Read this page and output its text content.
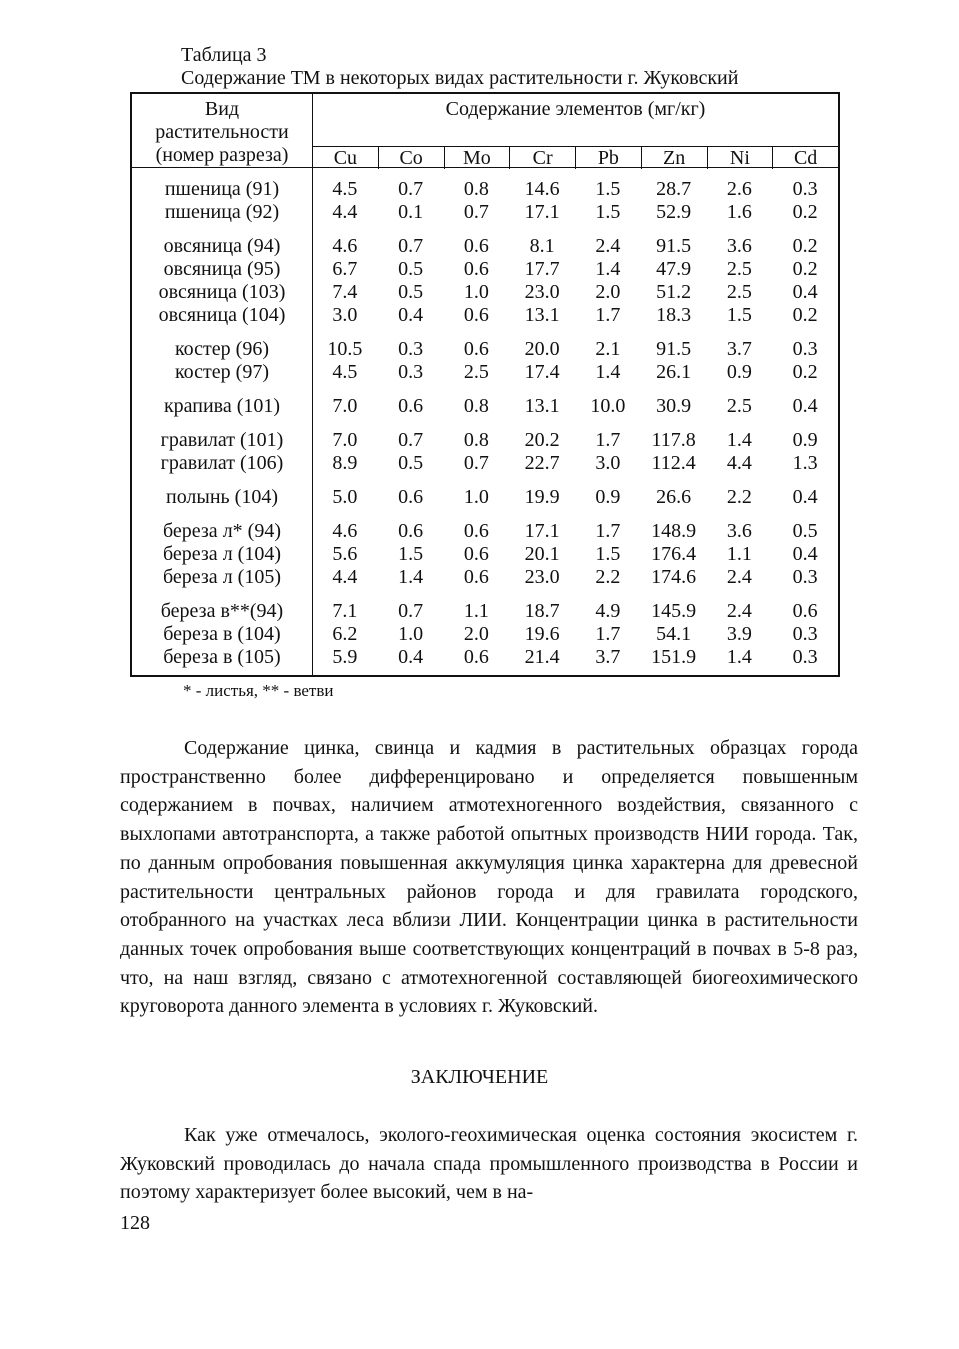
Таблица 3
Содержание ТМ в некоторых видах растительности г. Жуковский
Вид
растительности
(номер разреза)
Содержание элементов (мг/кг)
Cu	Co	Mo	Cr	Pb	Zn	Ni	Cd
пшеница (91)	4.5	0.7	0.8	14.6	1.5	28.7	2.6	0.3
пшеница (92)	4.4	0.1	0.7	17.1	1.5	52.9	1.6	0.2
овсяница (94)	4.6	0.7	0.6	8.1	2.4	91.5	3.6	0.2
овсяница (95)	6.7	0.5	0.6	17.7	1.4	47.9	2.5	0.2
овсяница (103)	7.4	0.5	1.0	23.0	2.0	51.2	2.5	0.4
овсяница (104)	3.0	0.4	0.6	13.1	1.7	18.3	1.5	0.2
костер (96)	10.5	0.3	0.6	20.0	2.1	91.5	3.7	0.3
костер (97)	4.5	0.3	2.5	17.4	1.4	26.1	0.9	0.2
крапива (101)	7.0	0.6	0.8	13.1	10.0	30.9	2.5	0.4
гравилат (101)	7.0	0.7	0.8	20.2	1.7	117.8	1.4	0.9
гравилат (106)	8.9	0.5	0.7	22.7	3.0	112.4	4.4	1.3
полынь (104)	5.0	0.6	1.0	19.9	0.9	26.6	2.2	0.4
береза л* (94)	4.6	0.6	0.6	17.1	1.7	148.9	3.6	0.5
береза л (104)	5.6	1.5	0.6	20.1	1.5	176.4	1.1	0.4
береза л (105)	4.4	1.4	0.6	23.0	2.2	174.6	2.4	0.3
береза в**(94)	7.1	0.7	1.1	18.7	4.9	145.9	2.4	0.6
береза в (104)	6.2	1.0	2.0	19.6	1.7	54.1	3.9	0.3
береза в (105)	5.9	0.4	0.6	21.4	3.7	151.9	1.4	0.3
* - листья, ** - ветви
Содержание цинка, свинца и кадмия в растительных образцах города пространственно более дифференцировано и определяется повышенным содержанием в почвах, наличием атмотехногенного воздействия, связанного с выхлопами автотранспорта, а также работой опытных производств НИИ города. Так, по данным опробования повышенная аккумуляция цинка характерна для древесной растительности центральных районов города и для гравилата городского, отобранного на участках леса вблизи ЛИИ. Концентрации цинка в растительности данных точек опробования выше соответствующих концентраций в почвах в 5-8 раз, что, на наш взгляд, связано с атмотехногенной составляющей биогеохимического круговорота данного элемента в условиях г. Жуковский.
ЗАКЛЮЧЕНИЕ
Как уже отмечалось, эколого-геохимическая оценка состояния экосистем г. Жуковский проводилась до начала спада промышленного производства в России и поэтому характеризует более высокий, чем в на-
128
